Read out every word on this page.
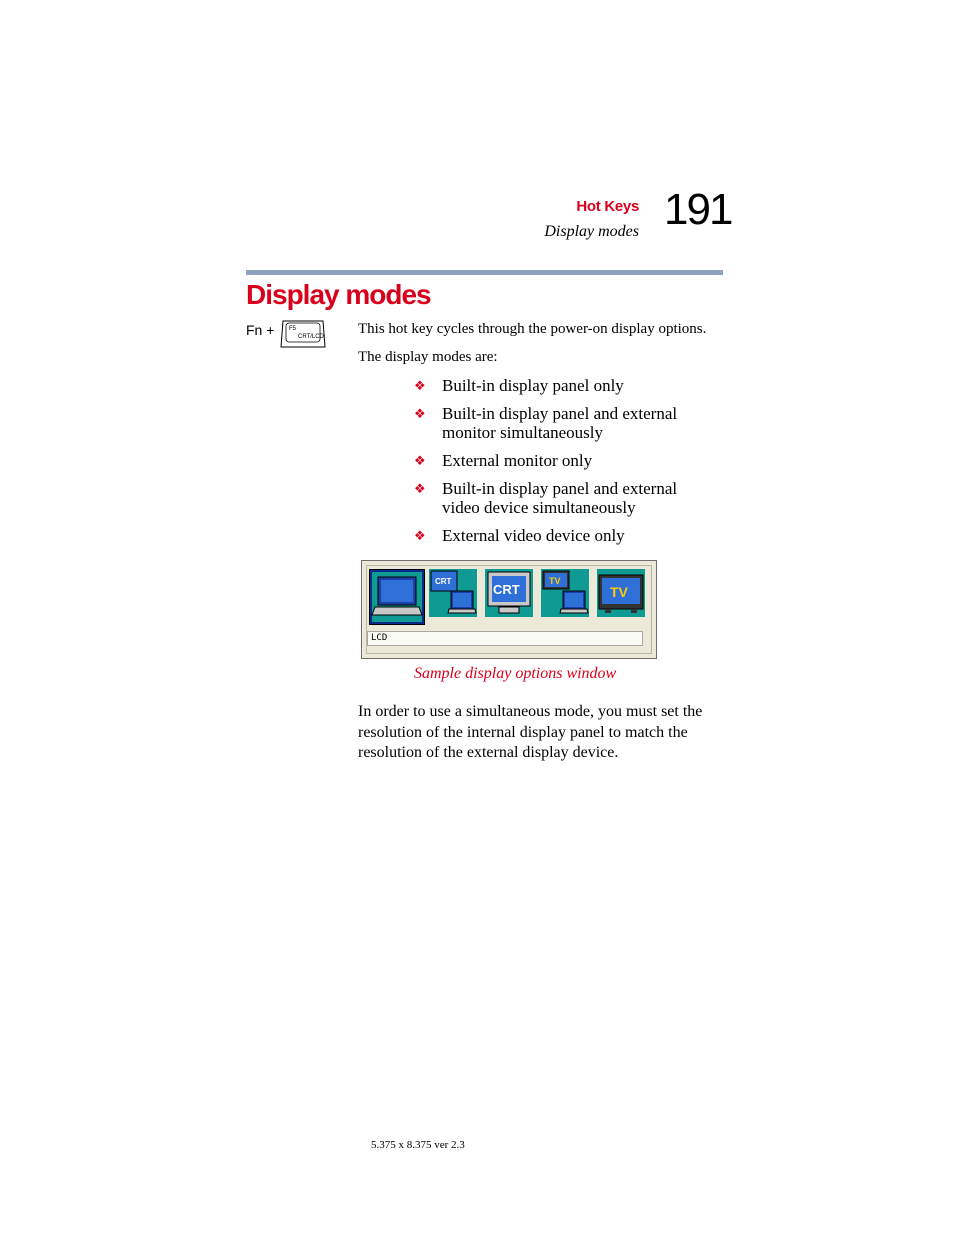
Hot Keys
Display modes 191
Display modes
Fn + F5
CRT/LCD This hot key cycles through the power-on display options.
The display modes are:
❖ Built-in display panel only
❖ Built-in display panel and external monitor simultaneously
❖ External monitor only
❖ Built-in display panel and external video device simultaneously
❖ External video device only
CRT
CRT
TV
TV
LCD
Sample display options window

In order to use a simultaneous mode, you must set the resolution of the internal display panel to match the resolution of the external display device.

5.375 x 8.375 ver 2.3
